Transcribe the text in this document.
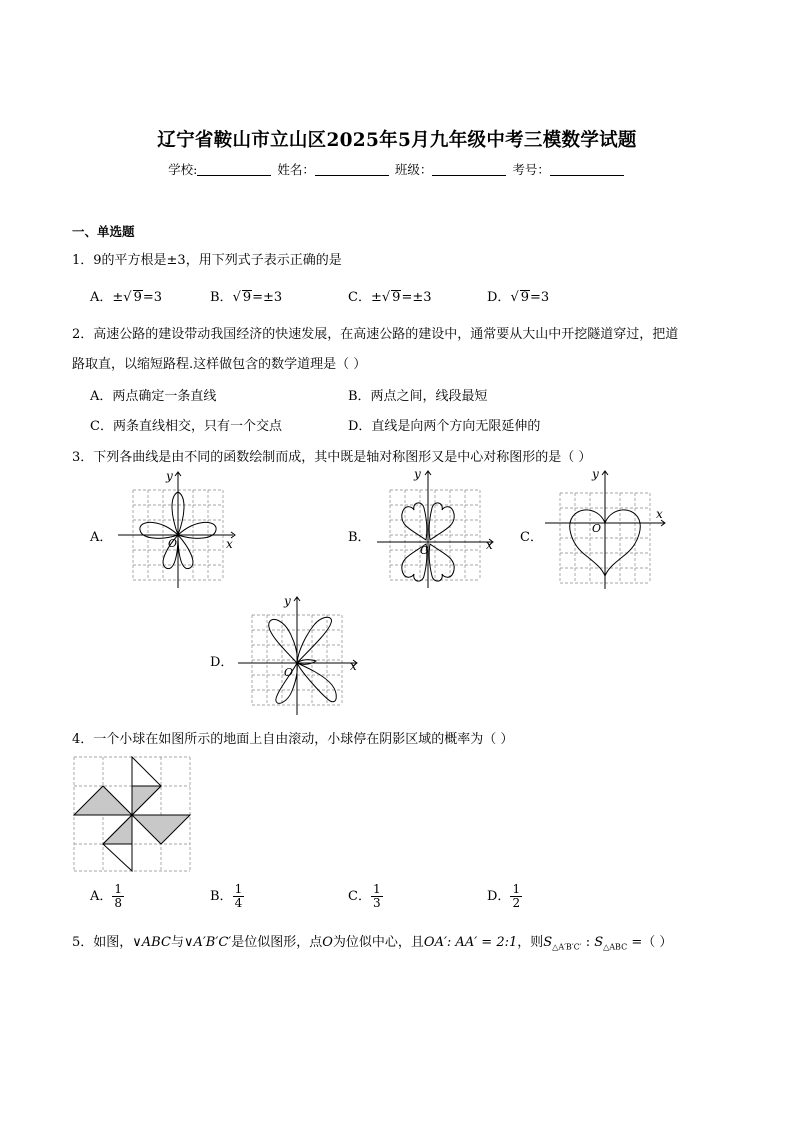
辽宁省鞍山市立山区2025年5月九年级中考三模数学试题
学校:	姓名：	班级：	考号：
一、单选题
1．9的平方根是±3，用下列式子表示正确的是
A．±√ 9=3	B．√ 9=±3	C．±√ 9=±3	D．√ 9=3
2．高速公路的建设带动我国经济的快速发展，在高速公路的建设中，通常要从大山中开挖隧道穿过，把道
路取直，以缩短路程.这样做包含的数学道理是（ ）
A．两点确定一条直线	B．两点之间，线段最短
C．两条直线相交，只有一个交点	D．直线是向两个方向无限延伸的
3．下列各曲线是由不同的函数绘制而成，其中既是轴对称图形又是中心对称图形的是（ ）
A．	x
y
O	B．	x
y
O
C．
x
y
O
D．	x
y
O
4．一个小球在如图所示的地面上自由滚动，小球停在阴影区域的概率为（ ）
A． $\frac{1}{8}$	B． $\frac{1}{4}$	C． $\frac{1}{3}$	D． $\frac{1}{2}$
5．如图，∨ABC与∨A′B′C′是位似图形，点O为位似中心，且OA′: AA′ = 2:1，则$S_{\triangle A'B'C'}$ : $S_{\triangle ABC}$ =（ ）
